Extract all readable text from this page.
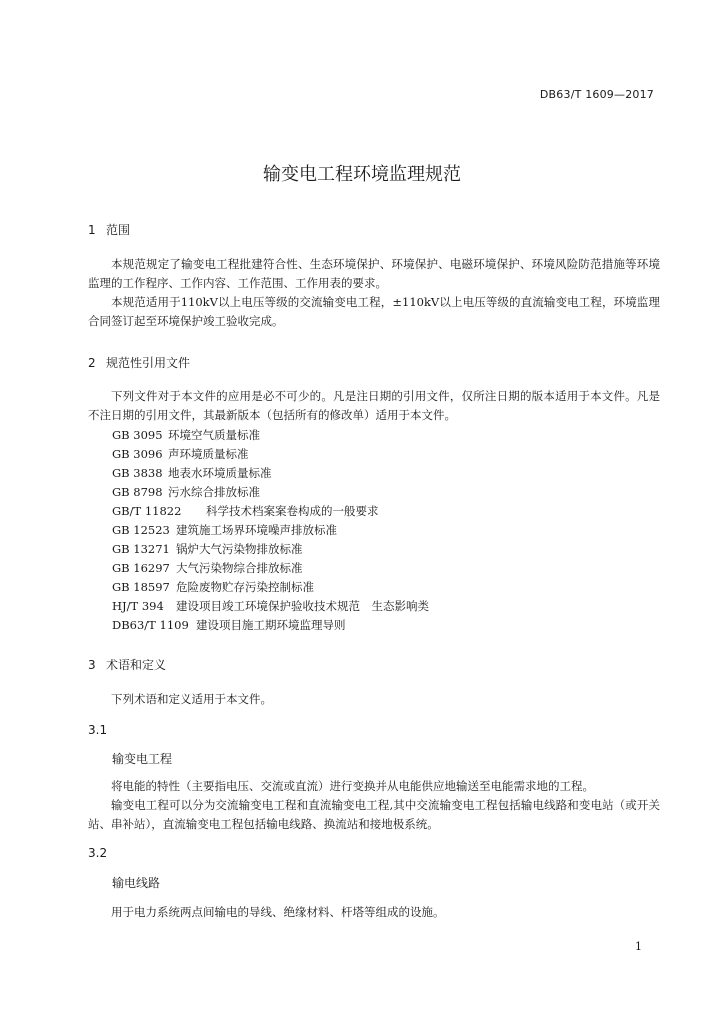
DB63/T 1609—2017
输变电工程环境监理规范
1 范围
本规范规定了输变电工程批建符合性、生态环境保护、环境保护、电磁环境保护、环境风险防范措施等环境监理的工作程序、工作内容、工作范围、工作用表的要求。
本规范适用于110kV以上电压等级的交流输变电工程，±110kV以上电压等级的直流输变电工程，环境监理合同签订起至环境保护竣工验收完成。
2 规范性引用文件
下列文件对于本文件的应用是必不可少的。凡是注日期的引用文件，仅所注日期的版本适用于本文件。凡是不注日期的引用文件，其最新版本（包括所有的修改单）适用于本文件。
GB 3095 环境空气质量标准
GB 3096 声环境质量标准
GB 3838 地表水环境质量标准
GB 8798 污水综合排放标准
GB/T 11822 科学技术档案案卷构成的一般要求
GB 12523 建筑施工场界环境噪声排放标准
GB 13271 锅炉大气污染物排放标准
GB 16297 大气污染物综合排放标准
GB 18597 危险废物贮存污染控制标准
HJ/T 394 建设项目竣工环境保护验收技术规范　生态影响类
DB63/T 1109 建设项目施工期环境监理导则
3 术语和定义
下列术语和定义适用于本文件。
3.1
输变电工程
将电能的特性（主要指电压、交流或直流）进行变换并从电能供应地输送至电能需求地的工程。
输变电工程可以分为交流输变电工程和直流输变电工程,其中交流输变电工程包括输电线路和变电站（或开关站、串补站），直流输变电工程包括输电线路、换流站和接地极系统。
3.2
输电线路
用于电力系统两点间输电的导线、绝缘材料、杆塔等组成的设施。
1
